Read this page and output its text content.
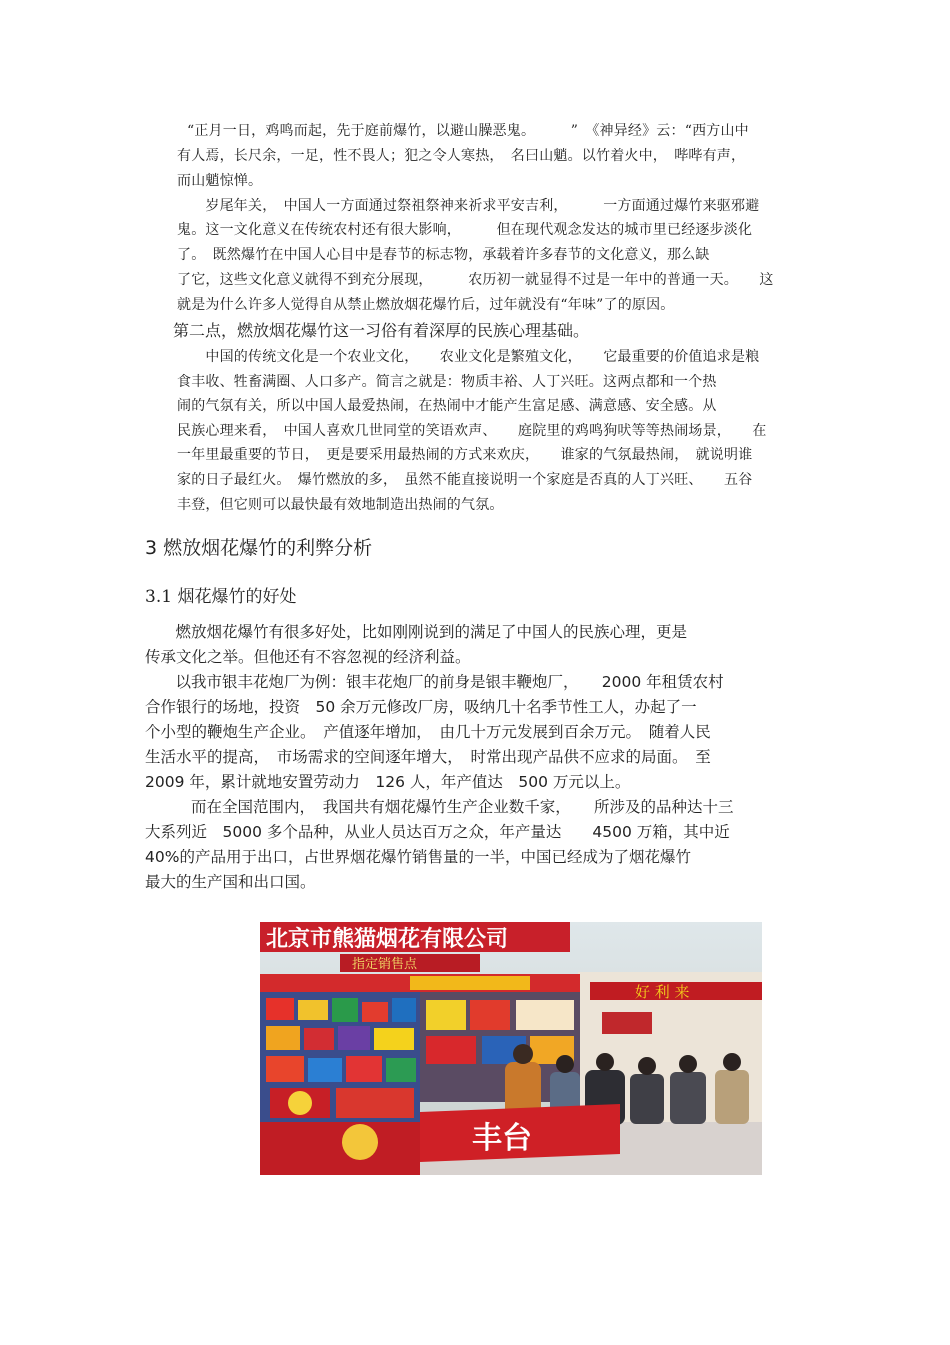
“正月一日，鸡鸣而起，先于庭前爆竹，以避山臊恶鬼。　　　”　《神异经》云：“西方山中
有人焉，长尺余，一足，性不畏人；犯之令人寒热，　名曰山魈。以竹着火中，　哔哔有声，
而山魈惊惮。
　　岁尾年关，　中国人一方面通过祭祖祭神来祈求平安吉利，　　　一方面通过爆竹来驱邪避
鬼。这一文化意义在传统农村还有很大影响，　　　但在现代观念发达的城市里已经逐步淡化
了。　既然爆竹在中国人心目中是春节的标志物，承载着许多春节的文化意义，那么缺
了它，这些文化意义就得不到充分展现，　　　农历初一就显得不过是一年中的普通一天。　　这
就是为什么许多人觉得自从禁止燃放烟花爆竹后，过年就没有“年味”了的原因。
第二点，燃放烟花爆竹这一习俗有着深厚的民族心理基础。
　　中国的传统文化是一个农业文化，　　农业文化是繁殖文化，　　它最重要的价值追求是粮
食丰收、牲畜满圈、人口多产。简言之就是：物质丰裕、人丁兴旺。这两点都和一个热
闹的气氛有关，所以中国人最爱热闹，在热闹中才能产生富足感、满意感、安全感。从
民族心理来看，　中国人喜欢几世同堂的笑语欢声、　　庭院里的鸡鸣狗吠等等热闹场景，　　在
一年里最重要的节日，　更是要采用最热闹的方式来欢庆，　　谁家的气氛最热闹，　就说明谁
家的日子最红火。　爆竹燃放的多，　虽然不能直接说明一个家庭是否真的人丁兴旺、　　五谷
丰登，但它则可以最快最有效地制造出热闹的气氛。
3 燃放烟花爆竹的利弊分析
3.1 烟花爆竹的好处
　燃放烟花爆竹有很多好处，比如刚刚说到的满足了中国人的民族心理，更是
传承文化之举。但他还有不容忽视的经济利益。
　以我市银丰花炮厂为例：银丰花炮厂的前身是银丰鞭炮厂，　　2000 年租赁农村
合作银行的场地，投资　50 余万元修改厂房，吸纳几十名季节性工人，办起了一
个小型的鞭炮生产企业。　产值逐年增加，　由几十万元发展到百余万元。　随着人民
生活水平的提高，　市场需求的空间逐年增大，　时常出现产品供不应求的局面。　至
2009 年，累计就地安置劳动力　126 人，年产值达　500 万元以上。
　　而在全国范围内，　我国共有烟花爆竹生产企业数千家，　　所涉及的品种达十三
大系列近　5000 多个品种，从业人员达百万之众，年产量达　　4500 万箱，其中近
40%的产品用于出口，占世界烟花爆竹销售量的一半，中国已经成为了烟花爆竹
最大的生产国和出口国。
好 利 来
北京市熊猫烟花有限公司
指定销售点
丰台
